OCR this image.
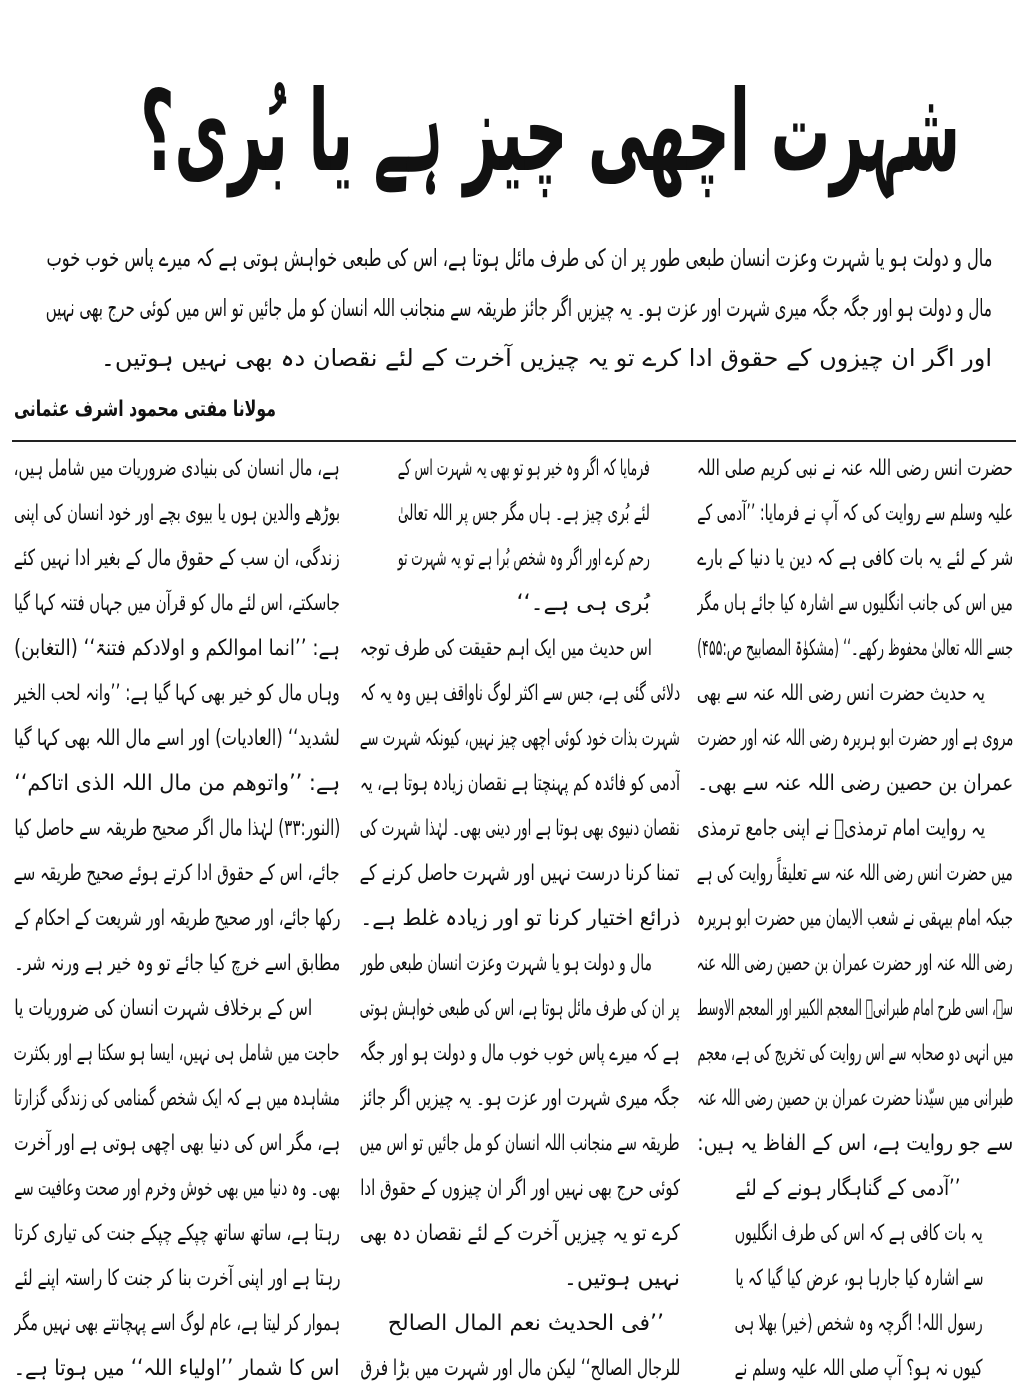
شہرت اچھی چیز ہے یا بُری؟
مال و دولت ہو یا شہرت وعزت انسان طبعی طور پر ان کی طرف مائل ہوتا ہے، اس کی طبعی خواہش ہوتی ہے کہ میرے پاس خوب خوب
مال و دولت ہو اور جگہ جگہ میری شہرت اور عزت ہو۔ یہ چیزیں اگر جائز طریقہ سے منجانب اللہ انسان کو مل جائیں تو اس میں کوئی حرج بھی نہیں
اور اگر ان چیزوں کے حقوق ادا کرے تو یہ چیزیں آخرت کے لئے نقصان دہ بھی نہیں ہوتیں۔
مولانا مفتی محمود اشرف عثمانی
حضرت انس رضی اللہ عنہ نے نبی کریم صلی اللہ
علیہ وسلم سے روایت کی کہ آپ نے فرمایا: ’’آدمی کے
شر کے لئے یہ بات کافی ہے کہ دین یا دنیا کے بارے
میں اس کی جانب انگلیوں سے اشارہ کیا جائے ہاں مگر
جسے اللہ تعالیٰ محفوظ رکھے۔‘‘ (مشکوٰۃ المصابیح ص:۴۵۵)
یہ حدیث حضرت انس رضی اللہ عنہ سے بھی
مروی ہے اور حضرت ابو ہریرہ رضی اللہ عنہ اور حضرت
عمران بن حصین رضی اللہ عنہ سے بھی۔
یہ روایت امام ترمذیؒ نے اپنی جامع ترمذی
میں حضرت انس رضی اللہ عنہ سے تعلیقاً روایت کی ہے
جبکہ امام بیہقی نے شعب الایمان میں حضرت ابو ہریرہ
رضی اللہ عنہ اور حضرت عمران بن حصین رضی اللہ عنہ
سے، اسی طرح امام طبرانیؒ المعجم الکبیر اور المعجم الاوسط
میں انہی دو صحابہ سے اس روایت کی تخریج کی ہے، معجم
طبرانی میں سیّدنا حضرت عمران بن حصین رضی اللہ عنہ
سے جو روایت ہے، اس کے الفاظ یہ ہیں:
’’آدمی کے گناہگار ہونے کے لئے
یہ بات کافی ہے کہ اس کی طرف انگلیوں
سے اشارہ کیا جارہا ہو، عرض کیا گیا کہ یا
رسول اللہ! اگرچہ وہ شخص (خیر) بھلا ہی
کیوں نہ ہو؟ آپ صلی اللہ علیہ وسلم نے
فرمایا کہ اگر وہ خیر ہو تو بھی یہ شہرت اس کے
لئے بُری چیز ہے۔ ہاں مگر جس پر اللہ تعالیٰ
رحم کرے اور اگر وہ شخص بُرا ہے تو یہ شہرت تو
بُری ہی ہے۔‘‘
اس حدیث میں ایک اہم حقیقت کی طرف توجہ
دلائی گئی ہے، جس سے اکثر لوگ ناواقف ہیں وہ یہ کہ
شہرت بذات خود کوئی اچھی چیز نہیں، کیونکہ شہرت سے
آدمی کو فائدہ کم پہنچتا ہے نقصان زیادہ ہوتا ہے، یہ
نقصان دنیوی بھی ہوتا ہے اور دینی بھی۔ لہٰذا شہرت کی
تمنا کرنا درست نہیں اور شہرت حاصل کرنے کے
ذرائع اختیار کرنا تو اور زیادہ غلط ہے۔
مال و دولت ہو یا شہرت وعزت انسان طبعی طور
پر ان کی طرف مائل ہوتا ہے، اس کی طبعی خواہش ہوتی
ہے کہ میرے پاس خوب خوب مال و دولت ہو اور جگہ
جگہ میری شہرت اور عزت ہو۔ یہ چیزیں اگر جائز
طریقہ سے منجانب اللہ انسان کو مل جائیں تو اس میں
کوئی حرج بھی نہیں اور اگر ان چیزوں کے حقوق ادا
کرے تو یہ چیزیں آخرت کے لئے نقصان دہ بھی
نہیں ہوتیں۔
’’فی الحدیث نعم المال الصالح
للرجال الصالح‘‘ لیکن مال اور شہرت میں بڑا فرق
ہے، مال انسان کی بنیادی ضروریات میں شامل ہیں،
بوڑھے والدین ہوں یا بیوی بچے اور خود انسان کی اپنی
زندگی، ان سب کے حقوق مال کے بغیر ادا نہیں کئے
جاسکتے، اس لئے مال کو قرآن میں جہاں فتنہ کہا گیا
ہے: ’’انما اموالکم و اولادکم فتنۃ‘‘ (التغابن)
وہاں مال کو خیر بھی کہا گیا ہے: ’’وانہ لحب الخیر
لشدید‘‘ (العادیات) اور اسے مال اللہ بھی کہا گیا
ہے: ’’واتوھم من مال اللہ الذی اتاکم‘‘
(النور:۳۳) لہٰذا مال اگر صحیح طریقہ سے حاصل کیا
جائے، اس کے حقوق ادا کرتے ہوئے صحیح طریقہ سے
رکھا جائے، اور صحیح طریقہ اور شریعت کے احکام کے
مطابق اسے خرچ کیا جائے تو وہ خیر ہے ورنہ شر۔
اس کے برخلاف شہرت انسان کی ضروریات یا
حاجت میں شامل ہی نہیں، ایسا ہو سکتا ہے اور بکثرت
مشاہدہ میں ہے کہ ایک شخص گمنامی کی زندگی گزارتا
ہے، مگر اس کی دنیا بھی اچھی ہوتی ہے اور آخرت
بھی۔ وہ دنیا میں بھی خوش وخرم اور صحت وعافیت سے
رہتا ہے، ساتھ ساتھ چپکے چپکے جنت کی تیاری کرتا
رہتا ہے اور اپنی آخرت بنا کر جنت کا راستہ اپنے لئے
ہموار کر لیتا ہے، عام لوگ اسے پہچانتے بھی نہیں مگر
اس کا شمار ’’اولیاء اللہ‘‘ میں ہوتا ہے۔
